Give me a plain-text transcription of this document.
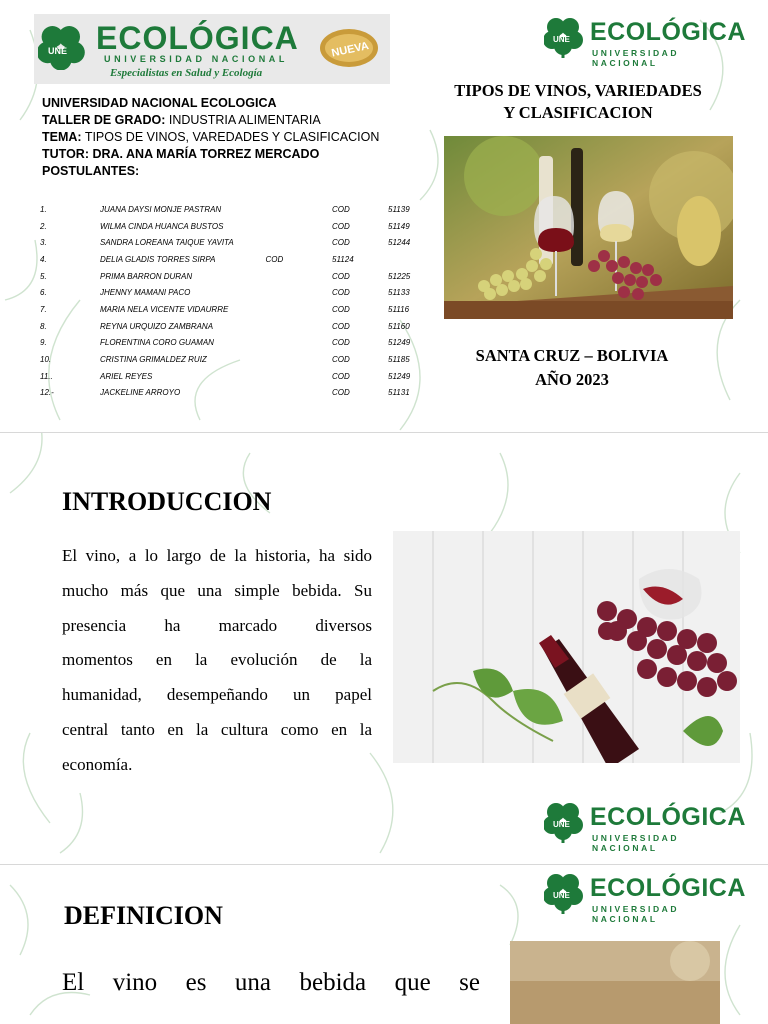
UNE ECOLÓGICA
UNIVERSIDAD NACIONAL
Especialistas en Salud y Ecología
NUEVA
UNE ECOLÓGICA
UNIVERSIDAD NACIONAL
UNIVERSIDAD NACIONAL ECOLOGICA
TALLER DE GRADO: INDUSTRIA ALIMENTARIA
TEMA: TIPOS DE VINOS, VAREDADES Y CLASIFICACION
TUTOR: DRA. ANA MARÍA TORREZ MERCADO
POSTULANTES:
1.	JUANA DAYSI MONJE PASTRAN	COD	51139
2.	WILMA CINDA HUANCA BUSTOS	COD	51149
3.	SANDRA LOREANA TAIQUE YAVITA	COD	51244
4.	DELIA GLADIS TORRES SIRPA COD	51124	
5.	PRIMA BARRON DURAN	COD	51225
6.	JHENNY MAMANI PACO	COD	51133
7.	MARIA NELA VICENTE VIDAURRE	COD	51116
8.	REYNA URQUIZO ZAMBRANA	COD	51160
9.	FLORENTINA CORO GUAMAN	COD	51249
10.	CRISTINA GRIMALDEZ RUIZ	COD	51185
11..	ARIEL REYES	COD	51249
12.-	JACKELINE ARROYO	COD	51131
TIPOS DE VINOS, VARIEDADES
Y CLASIFICACION
SANTA CRUZ – BOLIVIA
AÑO 2023
INTRODUCCION
El vino, a lo largo de la historia, ha sido
mucho más que una simple bebida. Su
presencia ha marcado diversos
momentos en la evolución de la
humanidad, desempeñando un papel
central tanto en la cultura como en la
economía.
UNE ECOLÓGICA
UNIVERSIDAD NACIONAL
UNE ECOLÓGICA
UNIVERSIDAD NACIONAL
DEFINICION
El vino es una bebida que se
